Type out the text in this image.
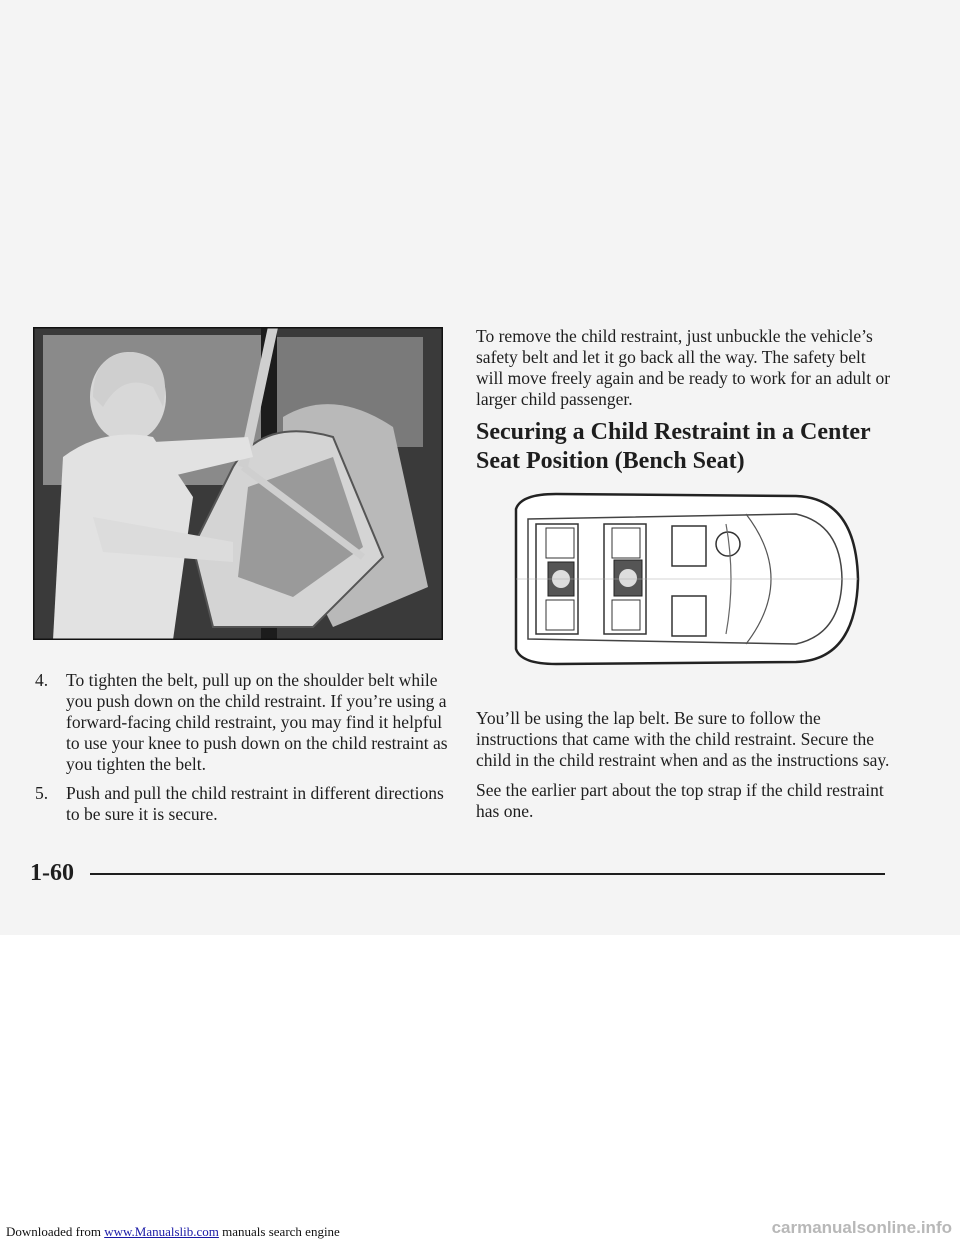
4. To tighten the belt, pull up on the shoulder belt while you push down on the child restraint. If you’re using a forward-facing child restraint, you may find it helpful to use your knee to push down on the child restraint as you tighten the belt.
5. Push and pull the child restraint in different directions to be sure it is secure.

To remove the child restraint, just unbuckle the vehicle’s safety belt and let it go back all the way. The safety belt will move freely again and be ready to work for an adult or larger child passenger.

Securing a Child Restraint in a Center Seat Position (Bench Seat)

You’ll be using the lap belt. Be sure to follow the instructions that came with the child restraint. Secure the child in the child restraint when and as the instructions say.

See the earlier part about the top strap if the child restraint has one.

1-60
Downloaded from www.Manualslib.com manuals search engine	carmanualsonline.info
